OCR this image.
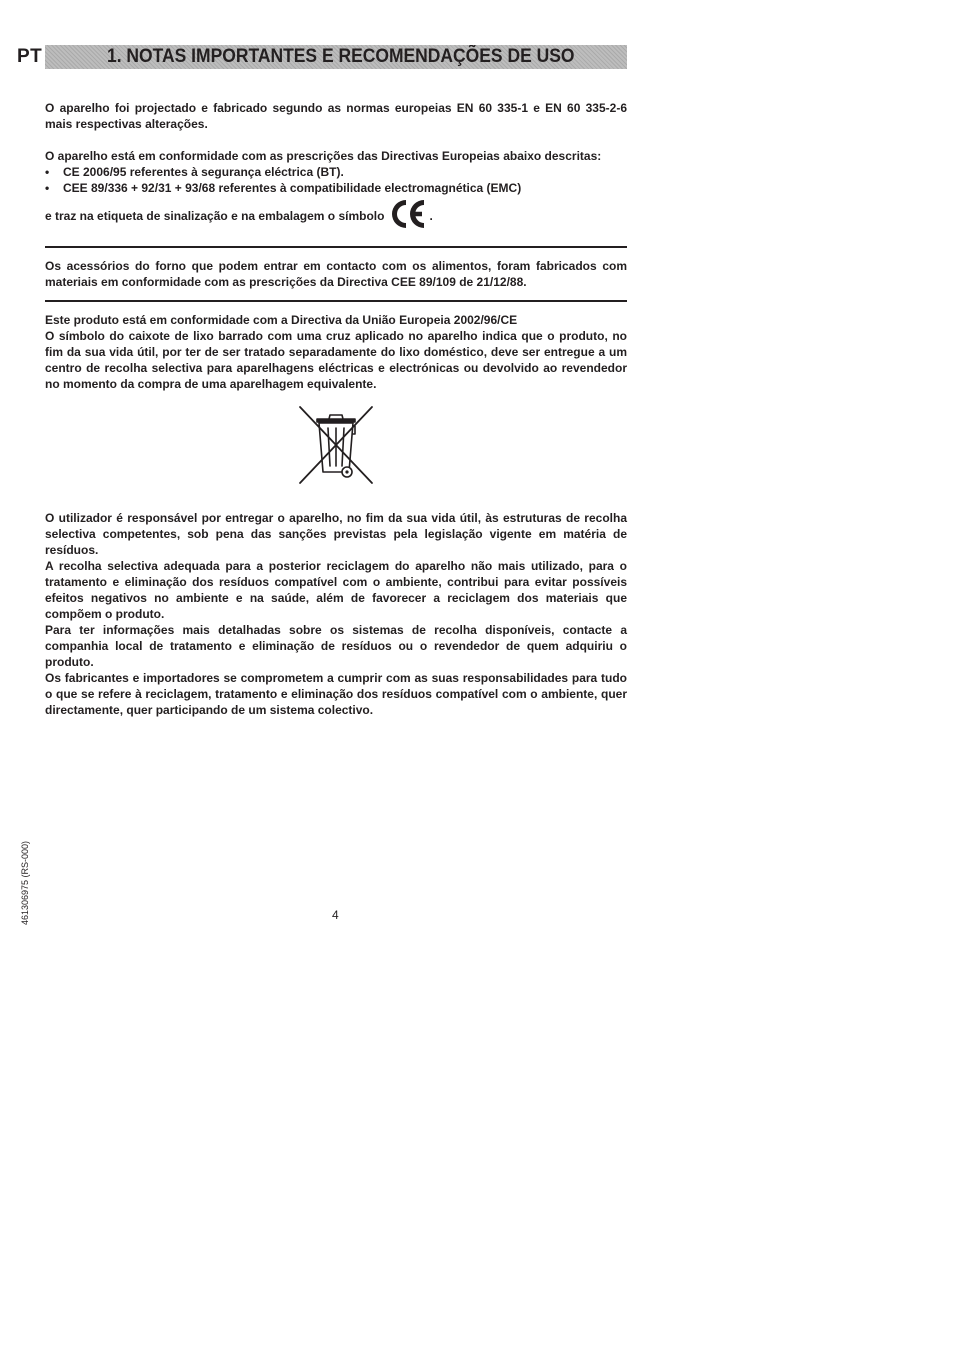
PT	1. NOTAS IMPORTANTES E RECOMENDAÇÕES DE USO

O aparelho foi projectado e fabricado segundo as normas europeias EN 60 335-1 e EN 60 335-2-6 mais respectivas alterações.

O aparelho está em conformidade com as prescrições das Directivas Europeias abaixo descritas:

• CE 2006/95 referentes à segurança eléctrica (BT).
• CEE 89/336 + 92/31 + 93/68 referentes à compatibilidade electromagnética (EMC)
e traz na etiqueta de sinalização e na embalagem o símbolo	.

Os acessórios do forno que podem entrar em contacto com os alimentos, foram fabricados com materiais em conformidade com as prescrições da Directiva CEE 89/109 de 21/12/88.

Este produto está em conformidade com a Directiva da União Europeia 2002/96/CE

O símbolo do caixote de lixo barrado com uma cruz aplicado no aparelho indica que o produto, no fim da sua vida útil, por ter de ser tratado separadamente do lixo doméstico, deve ser entregue a um centro de recolha selectiva para aparelhagens eléctricas e electrónicas ou devolvido ao revendedor no momento da compra de uma aparelhagem equivalente.

O utilizador é responsável por entregar o aparelho, no fim da sua vida útil, às estruturas de recolha selectiva competentes, sob pena das sanções previstas pela legislação vigente em matéria de resíduos.

A recolha selectiva adequada para a posterior reciclagem do aparelho não mais utilizado, para o tratamento e eliminação dos resíduos compatível com o ambiente, contribui para evitar possíveis efeitos negativos no ambiente e na saúde, além de favorecer a reciclagem dos materiais que compõem o produto.

Para ter informações mais detalhadas sobre os sistemas de recolha disponíveis, contacte a companhia local de tratamento e eliminação de resíduos ou o revendedor de quem adquiriu o produto.

Os fabricantes e importadores se comprometem a cumprir com as suas responsabilidades para tudo o que se refere à reciclagem, tratamento e eliminação dos resíduos compatível com o ambiente, quer directamente, quer participando de um sistema colectivo.

461306975 (RS-000)	4
